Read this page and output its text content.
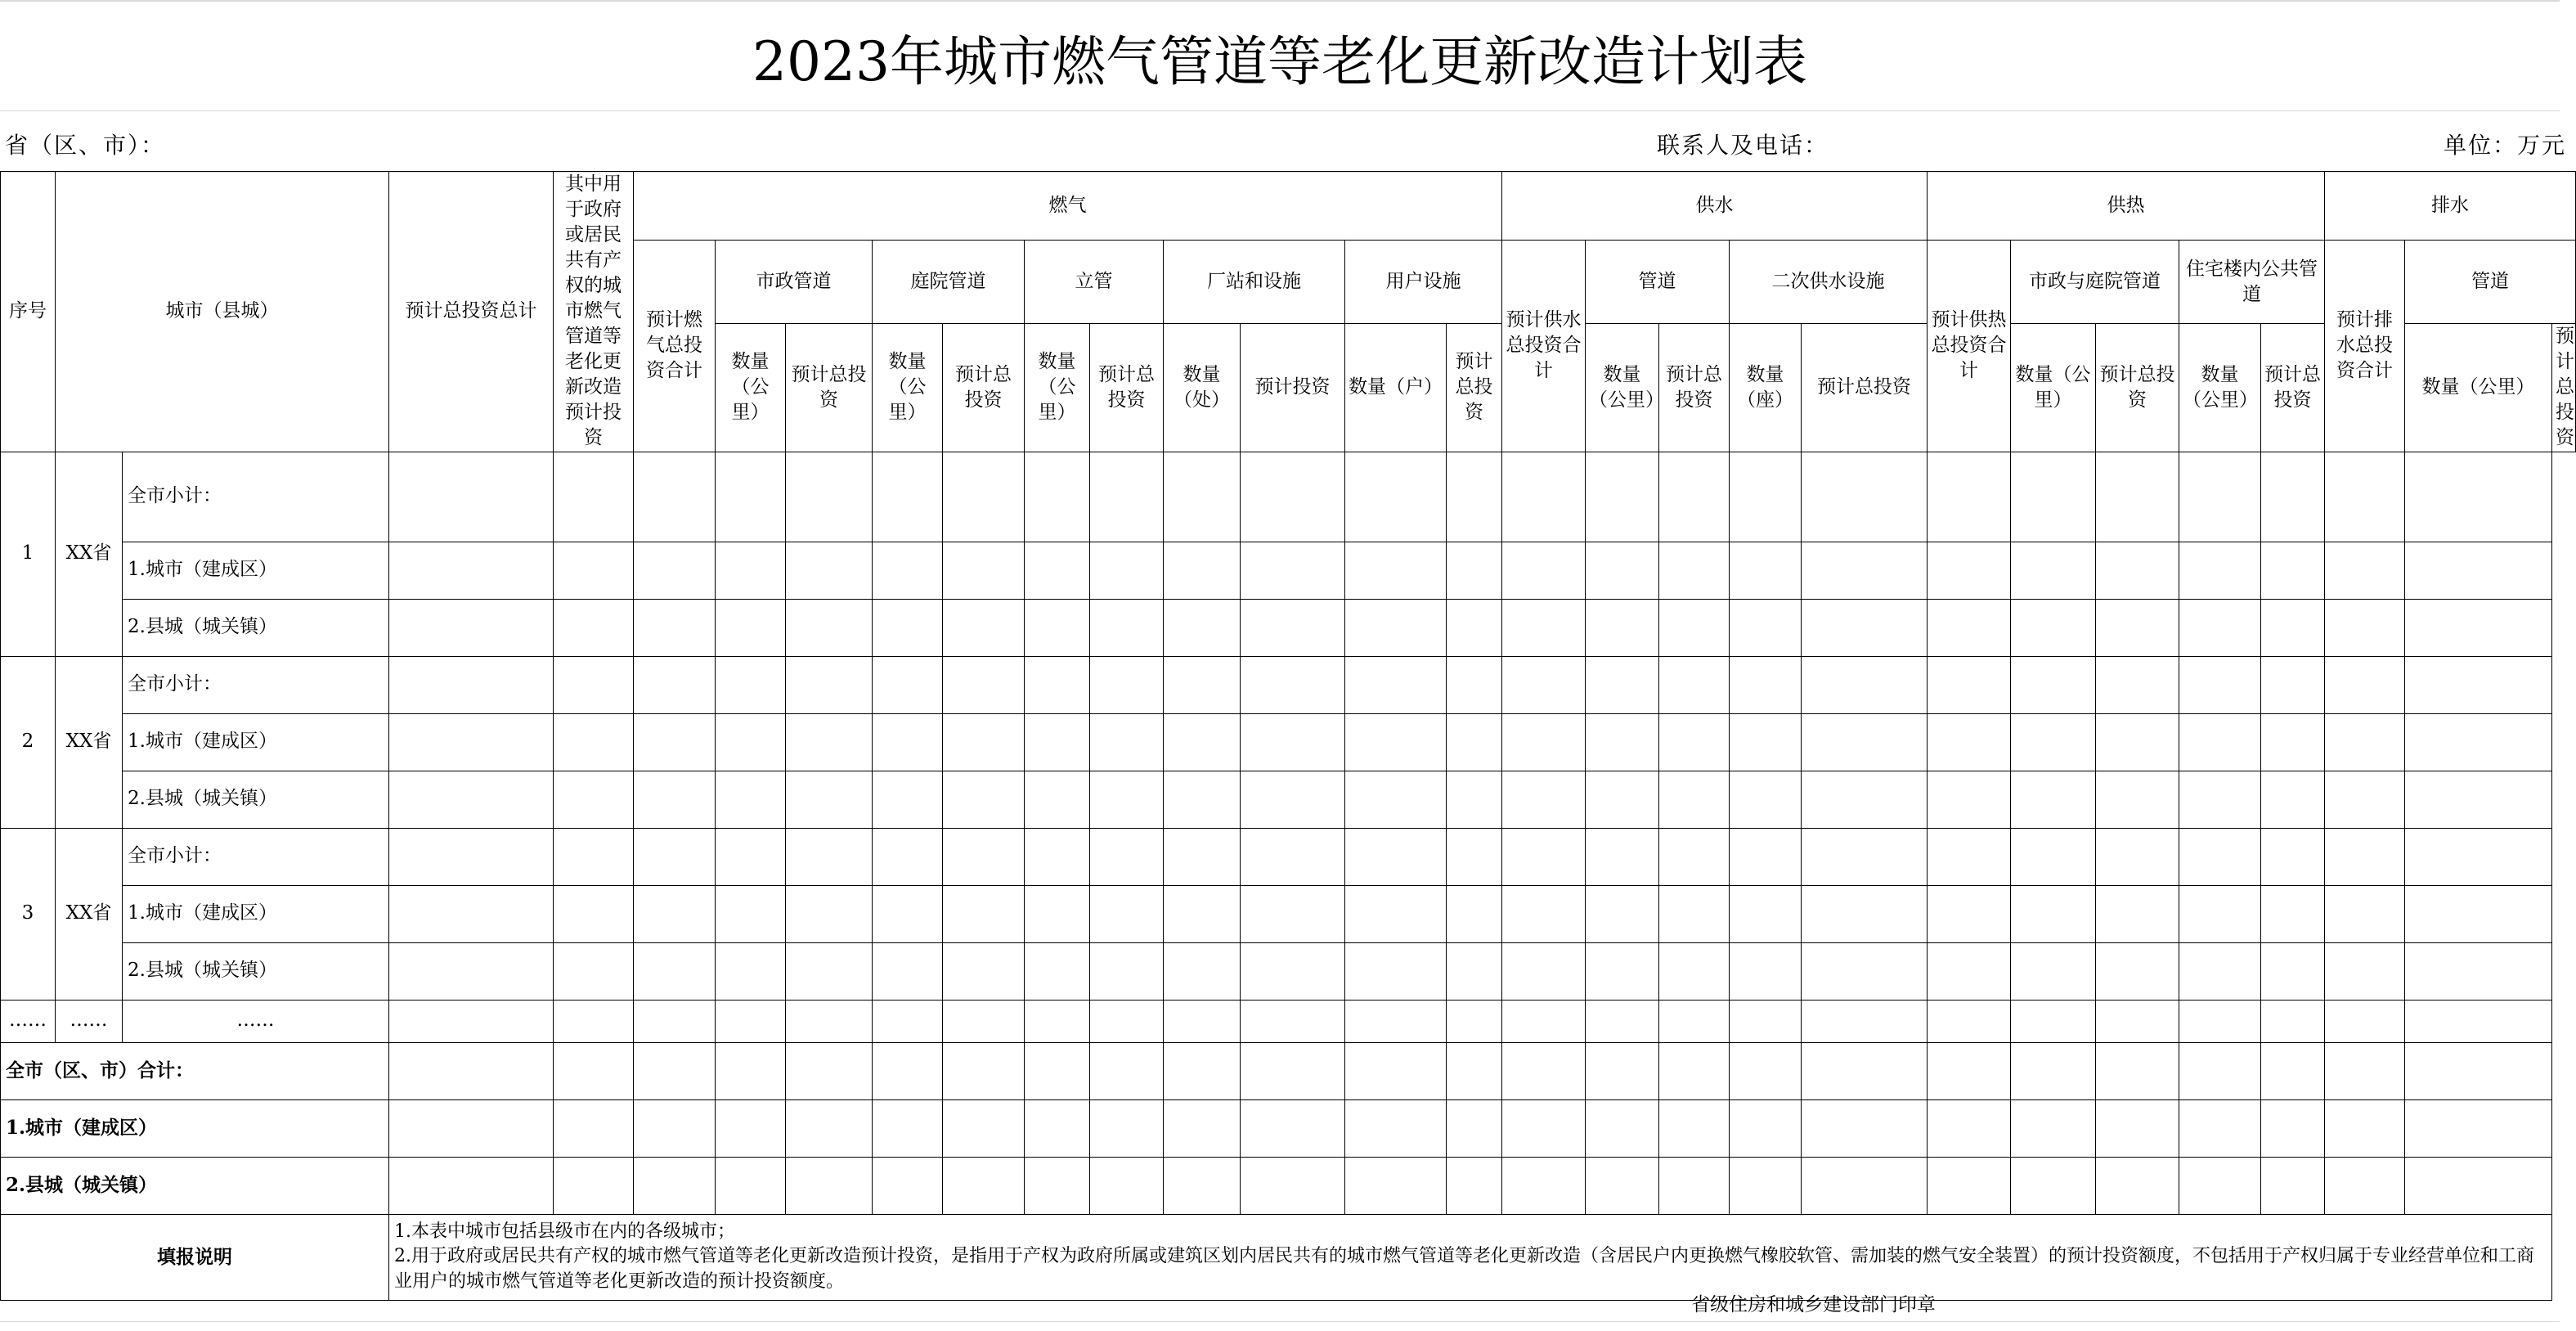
2023年城市燃气管道等老化更新改造计划表
省（区、市）：	联系人及电话：	单位：万元
序号	城市（县城）		预计总投资总计	其中用于政府或居民共有产权的城市燃气管道等老化更新改造预计投资	燃气											供水					供热					排水		
					预计燃气总投资合计	市政管道		庭院管道		立管		厂站和设施		用户设施		预计供水总投资合计	管道		二次供水设施		预计供热总投资合计	市政与庭院管道		住宅楼内公共管道		预计排水总投资合计	管道	
						数量（公里）	预计总投资	数量（公里）	预计总投资	数量（公里）	预计总投资	数量（处）	预计投资	数量（户）	预计总投资		数量（公里）	预计总投资	数量（座）	预计总投资		数量（公里）	预计总投资	数量（公里）	预计总投资		数量（公里）	预计总投资
1	XX省	全市小计：																										
		1.城市（建成区）																										
		2.县城（城关镇）																										
2	XX省	全市小计：																										
		1.城市（建成区）																										
		2.县城（城关镇）																										
3	XX省	全市小计：																										
		1.城市（建成区）																										
		2.县城（城关镇）																										
……	……	……																										
全市（区、市）合计：																												
1.城市（建成区）																												
2.县城（城关镇）																												
填报说明			1.本表中城市包括县级市在内的各级城市；
2.用于政府或居民共有产权的城市燃气管道等老化更新改造预计投资，是指用于产权为政府所属或建筑区划内居民共有的城市燃气管道等老化更新改造（含居民户内更换燃气橡胶软管、需加装的燃气安全装置）的预计投资额度，不包括用于产权归属于专业经营单位和工商业用户的城市燃气管道等老化更新改造的预计投资额度。																									
省级住房和城乡建设部门印章
